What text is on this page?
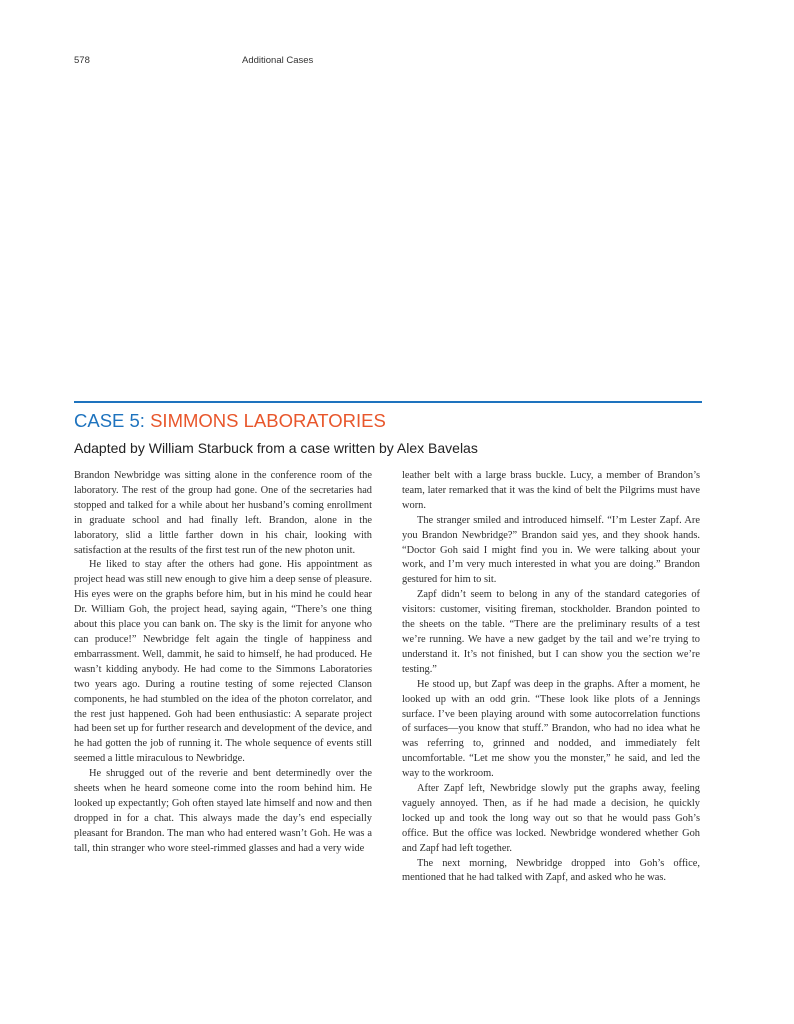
578	Additional Cases
CASE 5: SIMMONS LABORATORIES
Adapted by William Starbuck from a case written by Alex Bavelas

Brandon Newbridge was sitting alone in the conference room of the laboratory. The rest of the group had gone. One of the secretaries had stopped and talked for a while about her husband’s coming enrollment in graduate school and had finally left. Brandon, alone in the laboratory, slid a little farther down in his chair, looking with satisfaction at the results of the first test run of the new photon unit.

He liked to stay after the others had gone. His appointment as project head was still new enough to give him a deep sense of pleasure. His eyes were on the graphs before him, but in his mind he could hear Dr. William Goh, the project head, saying again, “There’s one thing about this place you can bank on. The sky is the limit for anyone who can produce!” Newbridge felt again the tingle of happiness and embarrassment. Well, dammit, he said to himself, he had produced. He wasn’t kidding anybody. He had come to the Simmons Laboratories two years ago. During a routine testing of some rejected Clanson components, he had stumbled on the idea of the photon correlator, and the rest just happened. Goh had been enthusiastic: A separate project had been set up for further research and development of the device, and he had gotten the job of running it. The whole sequence of events still seemed a little miraculous to Newbridge.

He shrugged out of the reverie and bent determinedly over the sheets when he heard someone come into the room behind him. He looked up expectantly; Goh often stayed late himself and now and then dropped in for a chat. This always made the day’s end especially pleasant for Brandon. The man who had entered wasn’t Goh. He was a tall, thin stranger who wore steel-rimmed glasses and had a very wide

leather belt with a large brass buckle. Lucy, a member of Brandon’s team, later remarked that it was the kind of belt the Pilgrims must have worn.

The stranger smiled and introduced himself. “I’m Lester Zapf. Are you Brandon Newbridge?” Brandon said yes, and they shook hands. “Doctor Goh said I might find you in. We were talking about your work, and I’m very much interested in what you are doing.” Brandon gestured for him to sit.

Zapf didn’t seem to belong in any of the standard categories of visitors: customer, visiting fireman, stockholder. Brandon pointed to the sheets on the table. “There are the preliminary results of a test we’re running. We have a new gadget by the tail and we’re trying to understand it. It’s not finished, but I can show you the section we’re testing.”

He stood up, but Zapf was deep in the graphs. After a moment, he looked up with an odd grin. “These look like plots of a Jennings surface. I’ve been playing around with some autocorrelation functions of surfaces—you know that stuff.” Brandon, who had no idea what he was referring to, grinned and nodded, and immediately felt uncomfortable. “Let me show you the monster,” he said, and led the way to the workroom.

After Zapf left, Newbridge slowly put the graphs away, feeling vaguely annoyed. Then, as if he had made a decision, he quickly locked up and took the long way out so that he would pass Goh’s office. But the office was locked. Newbridge wondered whether Goh and Zapf had left together.

The next morning, Newbridge dropped into Goh’s office, mentioned that he had talked with Zapf, and asked who he was.
